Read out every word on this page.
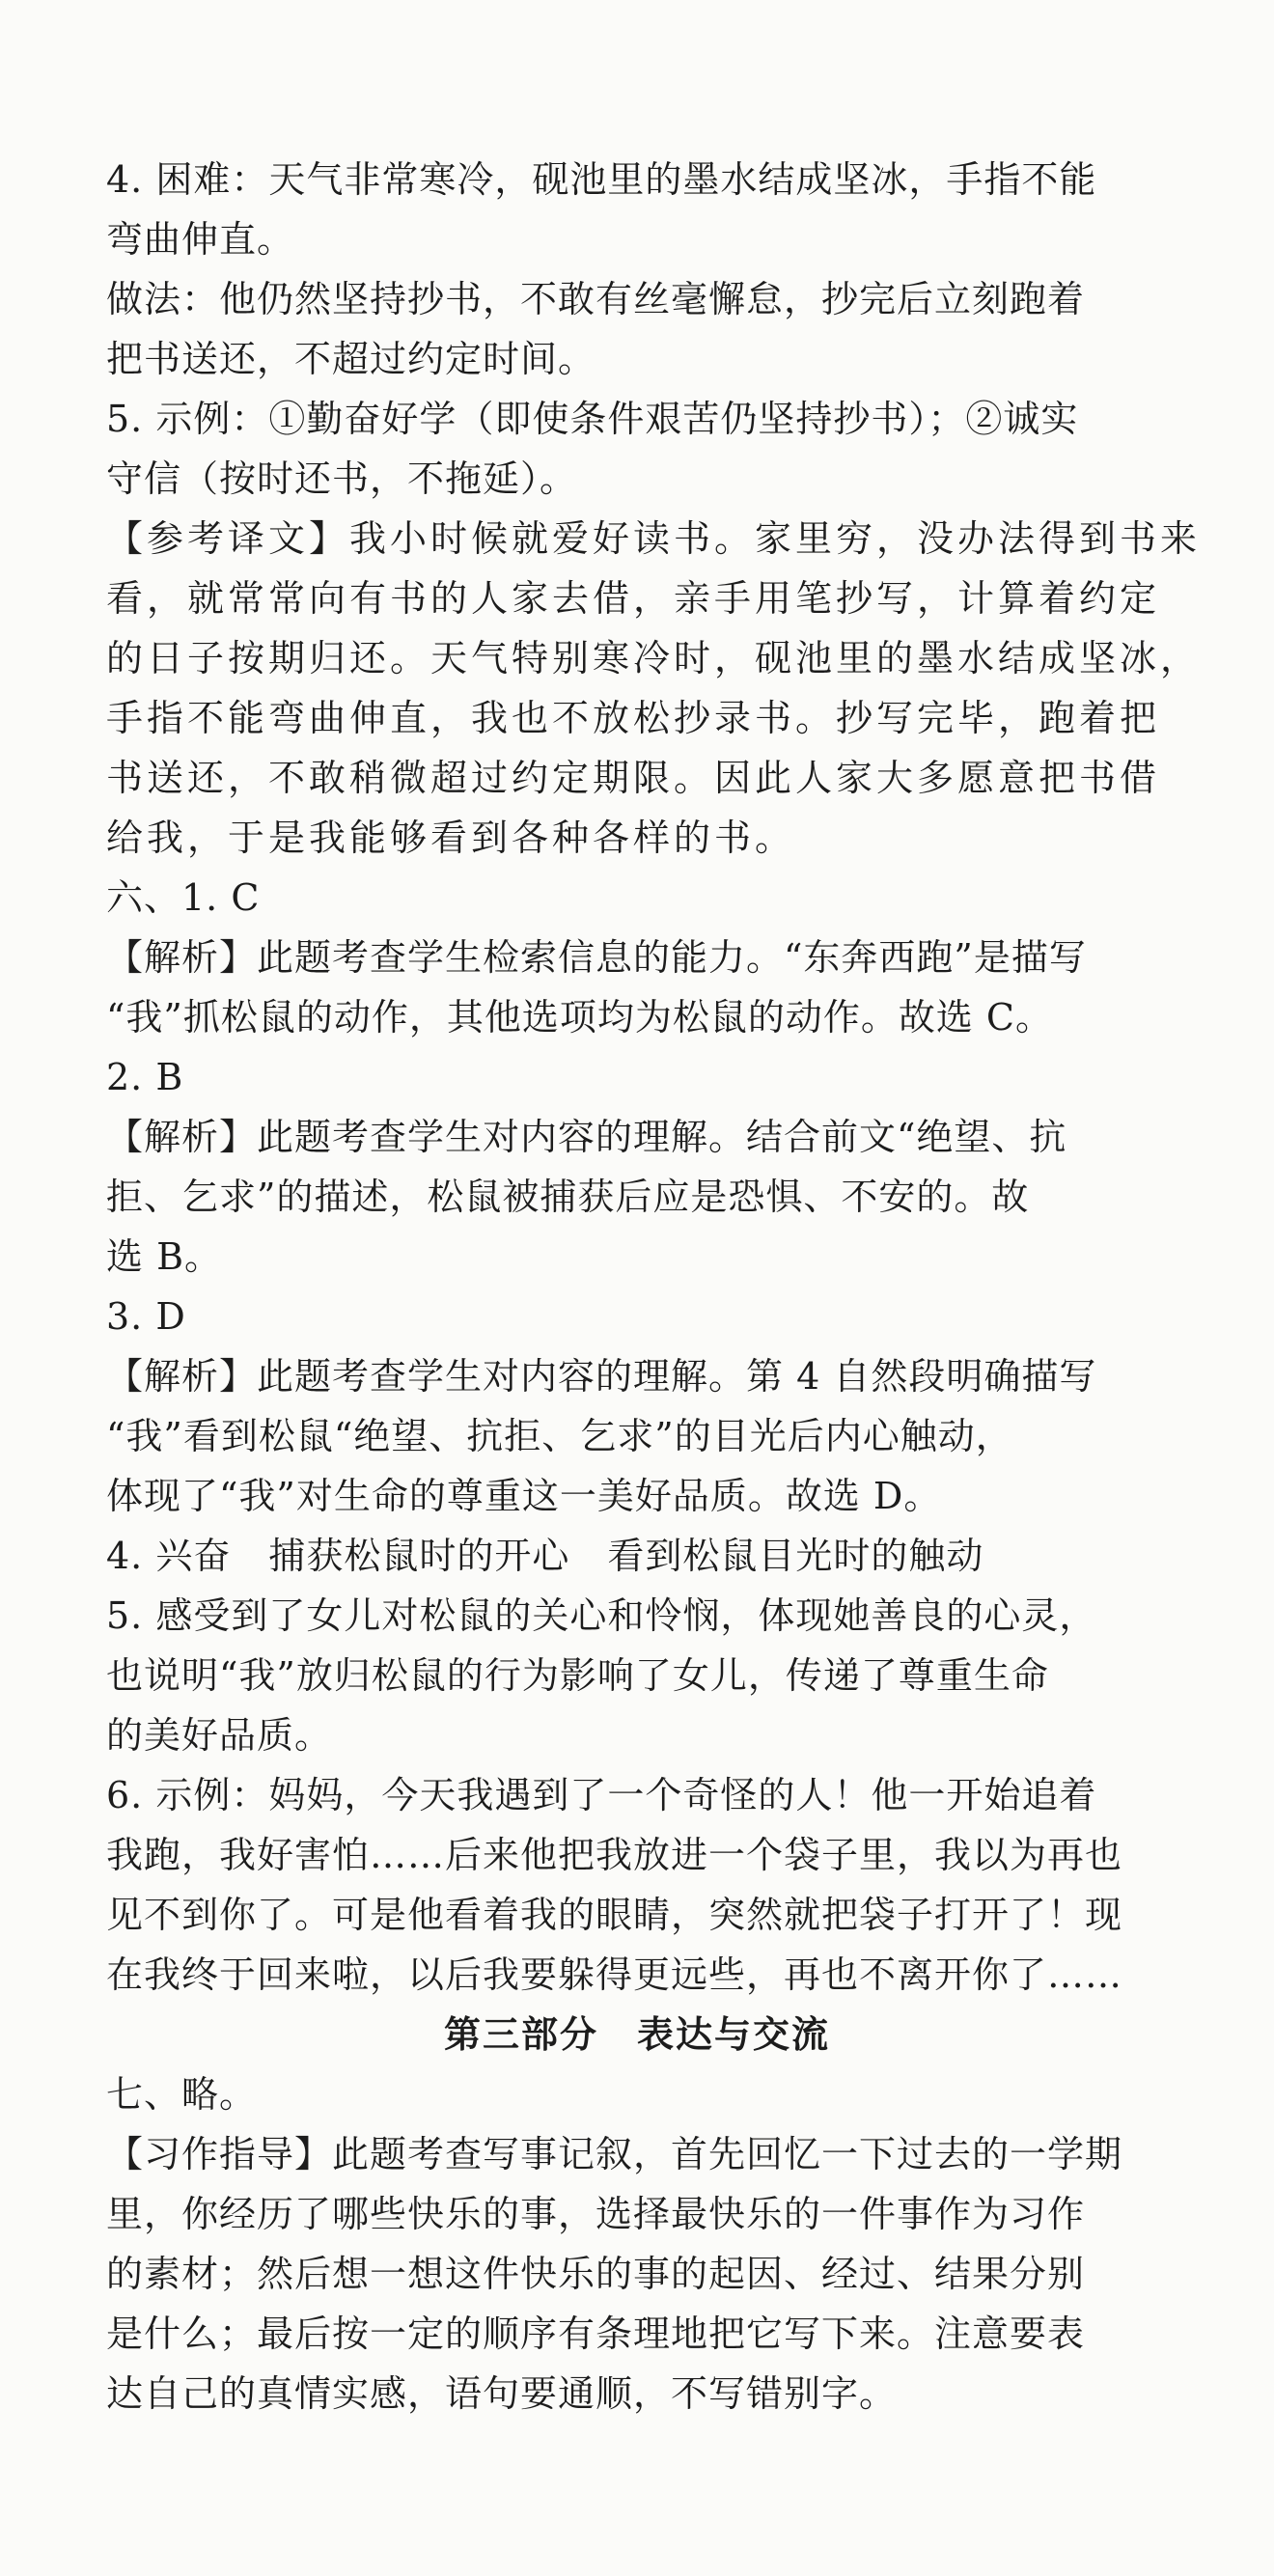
4. 困难：天气非常寒冷，砚池里的墨水结成坚冰，手指不能
弯曲伸直。
做法：他仍然坚持抄书，不敢有丝毫懈怠，抄完后立刻跑着
把书送还，不超过约定时间。
5. 示例：①勤奋好学（即使条件艰苦仍坚持抄书）；②诚实
守信（按时还书，不拖延）。
【参考译文】我小时候就爱好读书。家里穷，没办法得到书来
看，就常常向有书的人家去借，亲手用笔抄写，计算着约定
的日子按期归还。天气特别寒冷时，砚池里的墨水结成坚冰，
手指不能弯曲伸直，我也不放松抄录书。抄写完毕，跑着把
书送还，不敢稍微超过约定期限。因此人家大多愿意把书借
给我，于是我能够看到各种各样的书。
六、1. C
【解析】此题考查学生检索信息的能力。“东奔西跑”是描写
“我”抓松鼠的动作，其他选项均为松鼠的动作。故选 C。
2. B
【解析】此题考查学生对内容的理解。结合前文“绝望、抗
拒、乞求”的描述，松鼠被捕获后应是恐惧、不安的。故
选 B。
3. D
【解析】此题考查学生对内容的理解。第 4 自然段明确描写
“我”看到松鼠“绝望、抗拒、乞求”的目光后内心触动，
体现了“我”对生命的尊重这一美好品质。故选 D。
4. 兴奋　捕获松鼠时的开心　看到松鼠目光时的触动
5. 感受到了女儿对松鼠的关心和怜悯，体现她善良的心灵，
也说明“我”放归松鼠的行为影响了女儿，传递了尊重生命
的美好品质。
6. 示例：妈妈，今天我遇到了一个奇怪的人！他一开始追着
我跑，我好害怕……后来他把我放进一个袋子里，我以为再也
见不到你了。可是他看着我的眼睛，突然就把袋子打开了！现
在我终于回来啦，以后我要躲得更远些，再也不离开你了……
第三部分　表达与交流
七、略。
【习作指导】此题考查写事记叙，首先回忆一下过去的一学期
里，你经历了哪些快乐的事，选择最快乐的一件事作为习作
的素材；然后想一想这件快乐的事的起因、经过、结果分别
是什么；最后按一定的顺序有条理地把它写下来。注意要表
达自己的真情实感，语句要通顺，不写错别字。
